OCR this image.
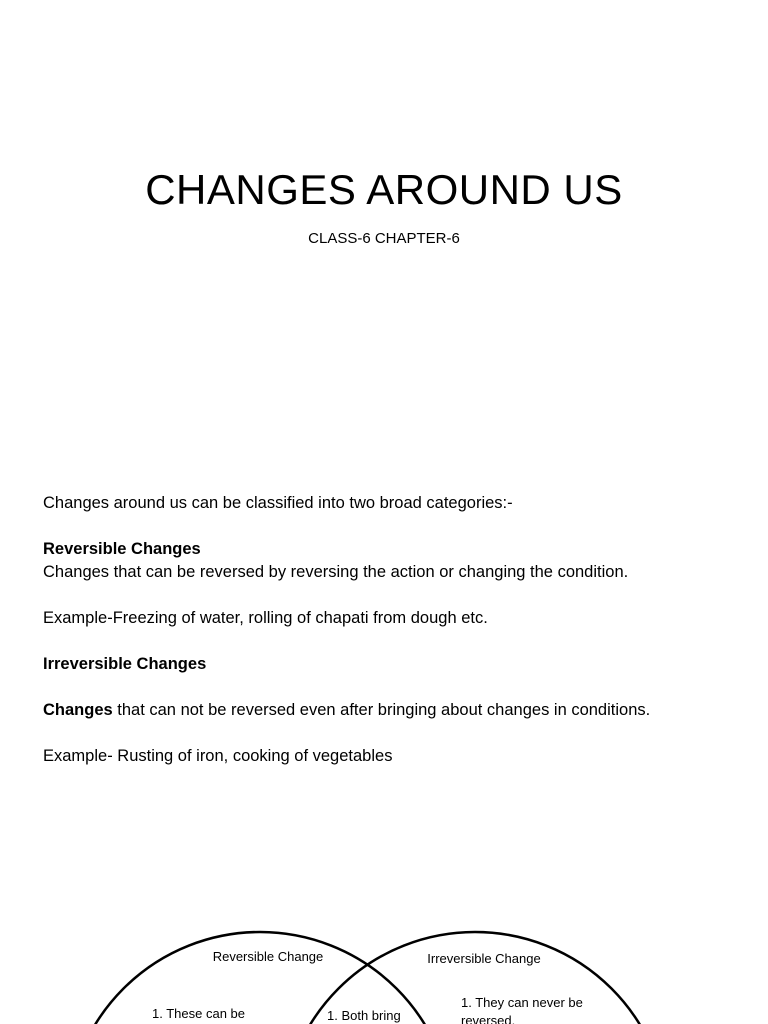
CHANGES AROUND US
CLASS-6 CHAPTER-6
Changes around us can be classified into two broad categories:-
Reversible Changes
Changes that can be reversed by reversing the action or changing the condition.
Example-Freezing of water, rolling of chapati from dough etc.
Irreversible Changes
Changes that can not be reversed even after bringing about changes in conditions.
Example- Rusting of iron, cooking of vegetables
Reversible Change	Irreversible Change
1. These can be	1. Both bring
1. They can never be
reversed.
